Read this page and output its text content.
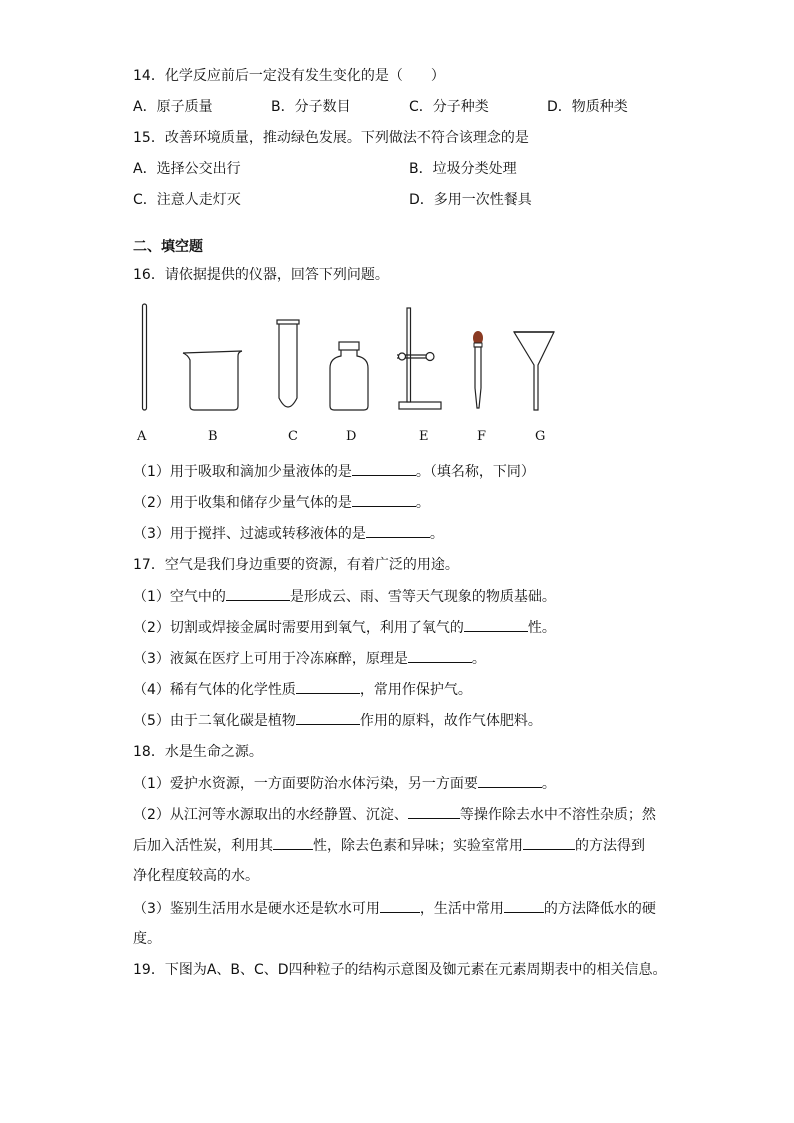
14．化学反应前后一定没有发生变化的是（　　）
A．原子质量	B．分子数目	C．分子种类	D．物质种类
15．改善环境质量，推动绿色发展。下列做法不符合该理念的是
A．选择公交出行	B．垃圾分类处理
C．注意人走灯灭	D．多用一次性餐具
二、填空题
16．请依据提供的仪器，回答下列问题。
A	B	C	D	E	F	G
（1）用于吸取和滴加少量液体的是	。（填名称，下同）
（2）用于收集和储存少量气体的是	。
（3）用于搅拌、过滤或转移液体的是	。
17．空气是我们身边重要的资源，有着广泛的用途。
（1）空气中的	是形成云、雨、雪等天气现象的物质基础。
（2）切割或焊接金属时需要用到氧气，利用了氧气的	性。
（3）液氮在医疗上可用于冷冻麻醉，原理是	。
（4）稀有气体的化学性质	，常用作保护气。
（5）由于二氧化碳是植物	作用的原料，故作气体肥料。
18．水是生命之源。
（1）爱护水资源，一方面要防治水体污染，另一方面要	。
（2）从江河等水源取出的水经静置、沉淀、	等操作除去水中不溶性杂质；然
后加入活性炭，利用其	性，除去色素和异味；实验室常用	的方法得到
净化程度较高的水。
（3）鉴别生活用水是硬水还是软水可用	，生活中常用	的方法降低水的硬
度。
19．下图为A、B、C、D四种粒子的结构示意图及铷元素在元素周期表中的相关信息。
